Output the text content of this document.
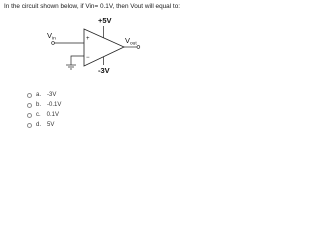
In the circuit shown below, if Vin= 0.1V, then Vout will equal to:
+5V
-3V
+
−
$V_{in}$	$V_{out}$
a. -3V
b. -0.1V
c. 0.1V
d. 5V
